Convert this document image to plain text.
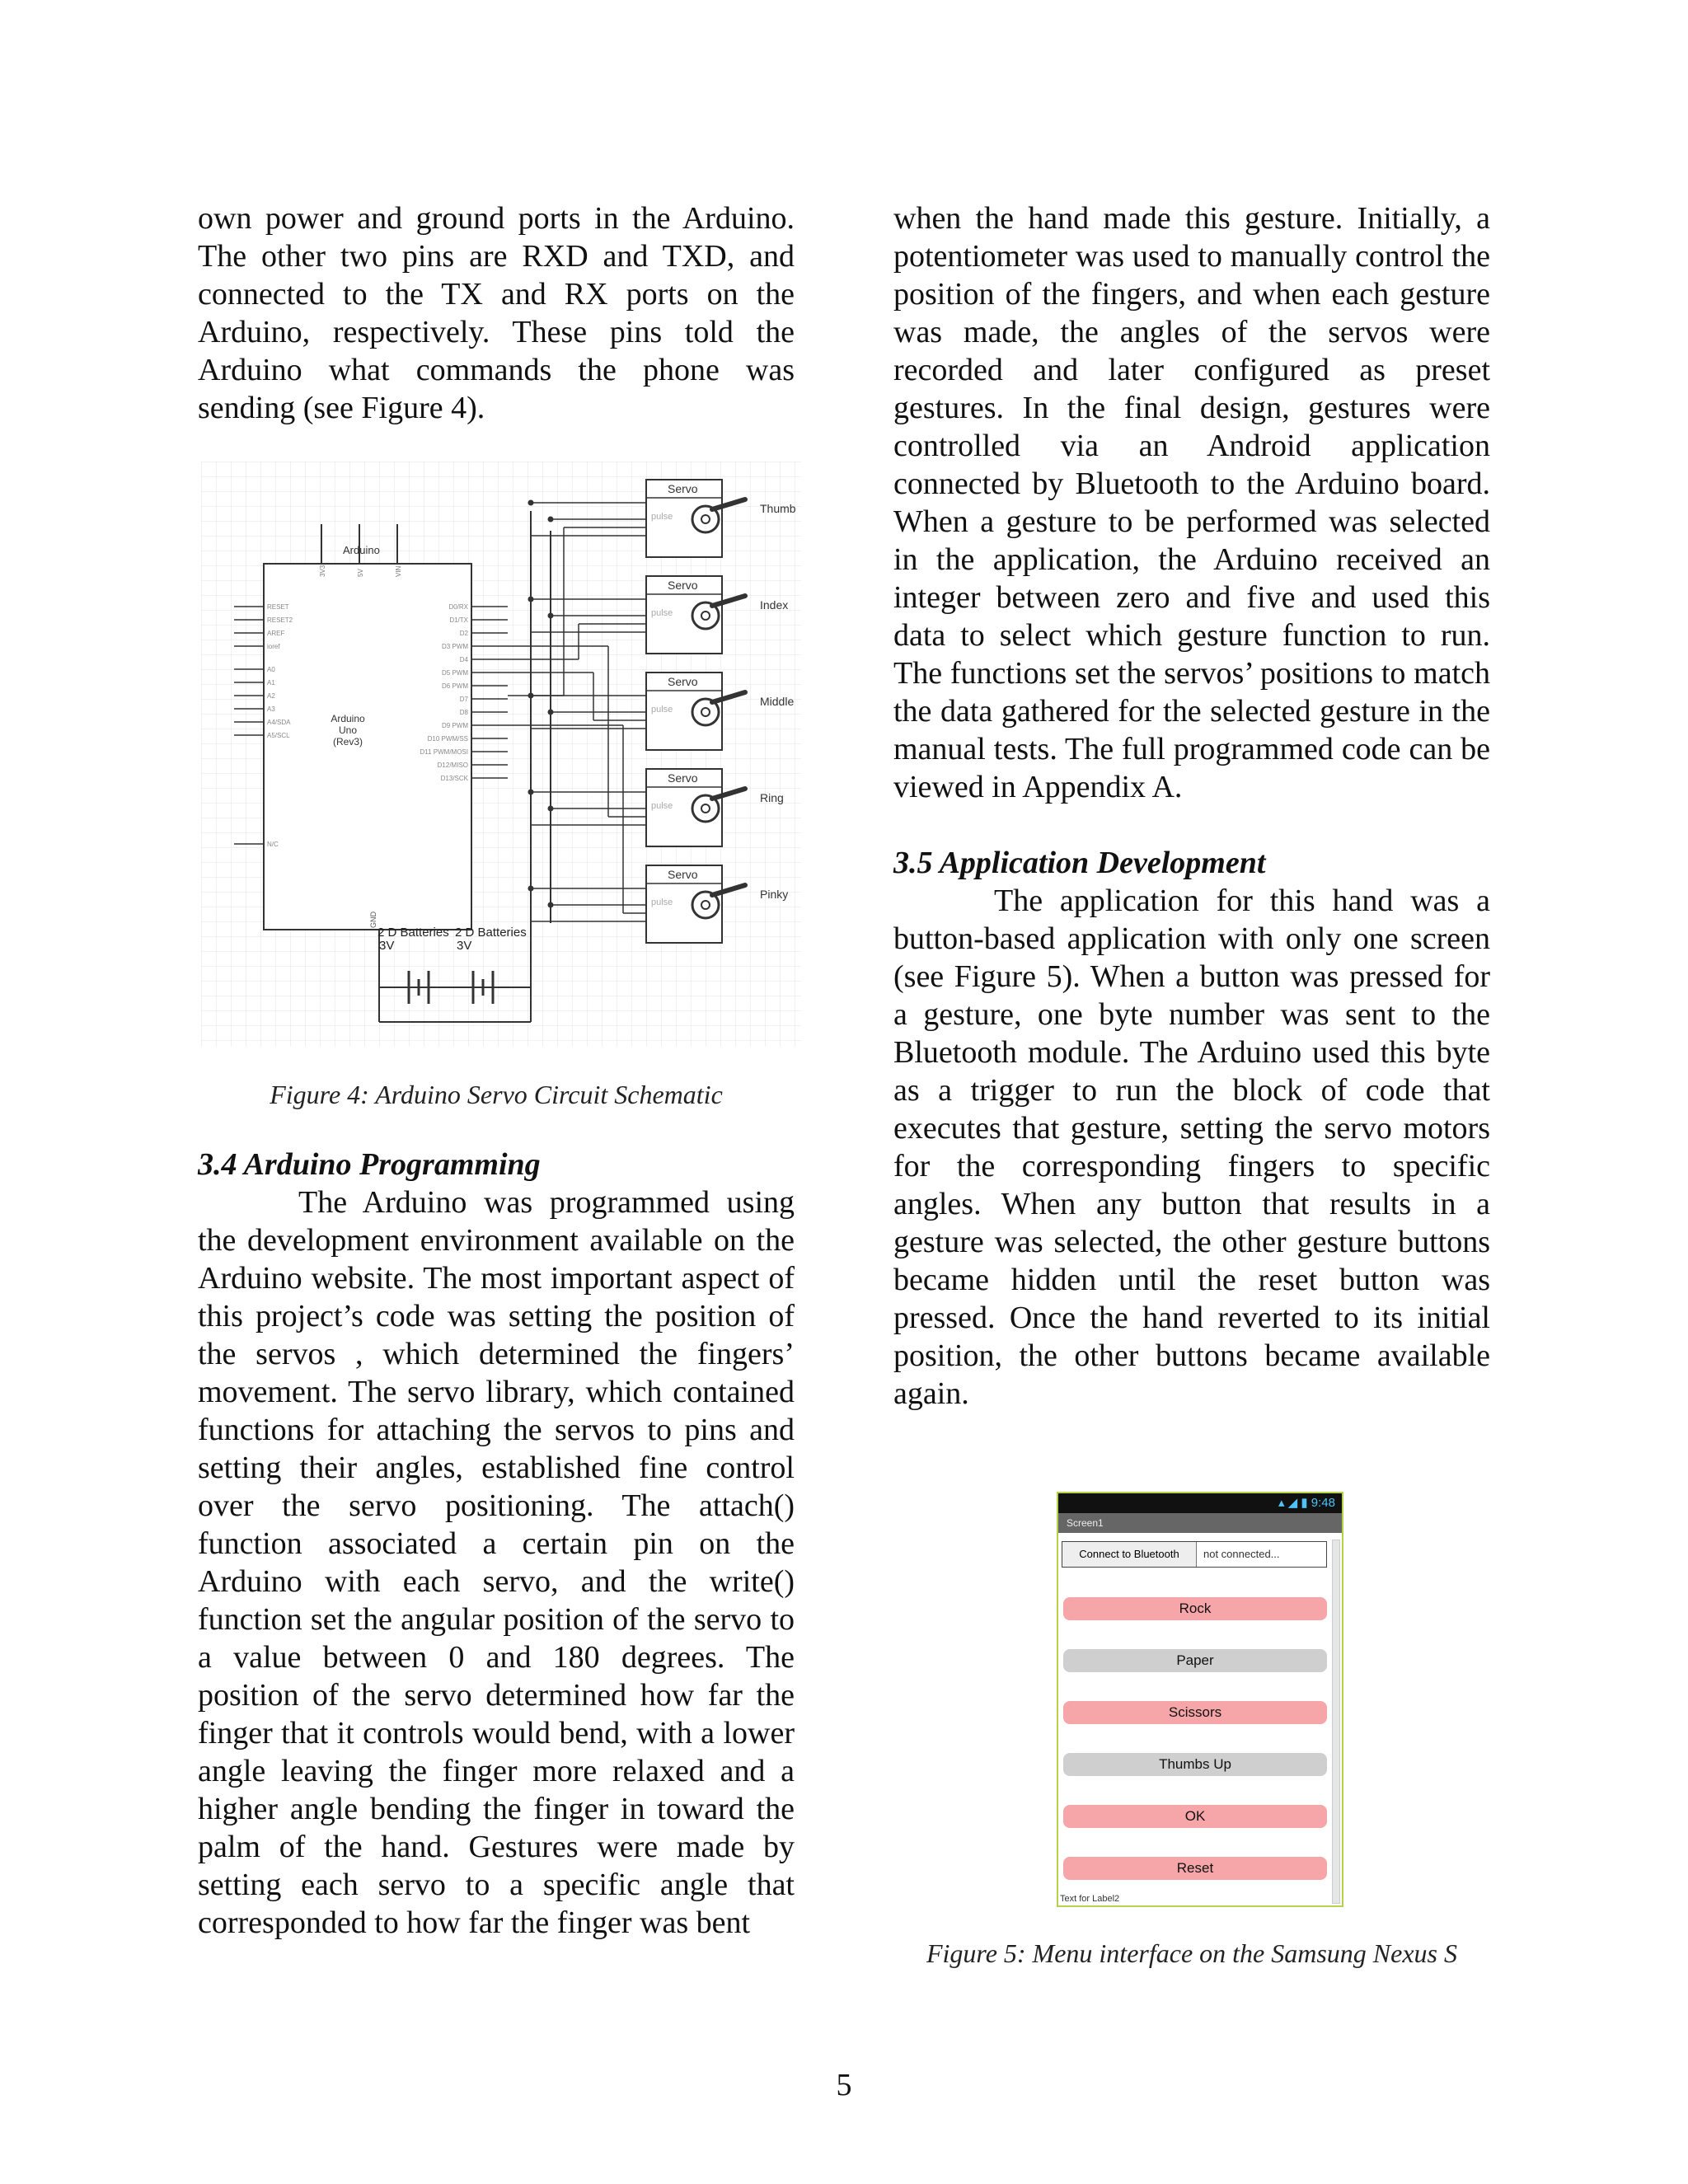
own power and ground ports in the Arduino. The other two pins are RXD and TXD, and connected to the TX and RX ports on the Arduino, respectively. These pins told the Arduino what commands the phone was sending (see Figure 4).

3V3	5V	VIN
RESET
RESET2
AREF
ioref
A0
A1
A2
A3
A4/SDA
A5/SCL
N/C
D0/RX
D1/TX
D2
D3 PWM
D4
D5 PWM
D6 PWM
D7
D8
D9 PWM
D10 PWM/SS
D11 PWM/MOSI
D12/MISO
D13/SCK
Servo
pulse
Thumb
Servo
pulse
Index
Servo
pulse
Middle
Servo
pulse
Ring
Servo
pulse
Pinky
Arduino
Arduino
Uno
(Rev3)
GND
2 D Batteries 2 D Batteries
3V	3V
Figure 4: Arduino Servo Circuit Schematic
3.4 Arduino Programming

The Arduino was programmed using the development environment available on the Arduino website. The most important aspect of this project’s code was setting the position of the servos , which determined the fingers’ movement. The servo library, which contained functions for attaching the servos to pins and setting their angles, established fine control over the servo positioning. The attach() function associated a certain pin on the Arduino with each servo, and the write() function set the angular position of the servo to a value between 0 and 180 degrees. The position of the servo determined how far the finger that it controls would bend, with a lower angle leaving the finger more relaxed and a higher angle bending the finger in toward the palm of the hand. Gestures were made by setting each servo to a specific angle that corresponded to how far the finger was bent

when the hand made this gesture. Initially, a potentiometer was used to manually control the position of the fingers, and when each gesture was made, the angles of the servos were recorded and later configured as preset gestures. In the final design, gestures were controlled via an Android application connected by Bluetooth to the Arduino board. When a gesture to be performed was selected in the application, the Arduino received an integer between zero and five and used this data to select which gesture function to run. The functions set the servos’ positions to match the data gathered for the selected gesture in the manual tests. The full programmed code can be viewed in Appendix A.

3.5 Application Development

The application for this hand was a button-based application with only one screen (see Figure 5). When a button was pressed for a gesture, one byte number was sent to the Bluetooth module. The Arduino used this byte as a trigger to run the block of code that executes that gesture, setting the servo motors for the corresponding fingers to specific angles. When any button that results in a gesture was selected, the other gesture buttons became hidden until the reset button was pressed. Once the hand reverted to its initial position, the other buttons became available again.

▴ ◢ ▮ 9:48
Screen1
Connect to Bluetooth	not connected...
Rock
Paper
Scissors
Thumbs Up
OK
Reset
Text for Label2
Figure 5: Menu interface on the Samsung Nexus S
5
